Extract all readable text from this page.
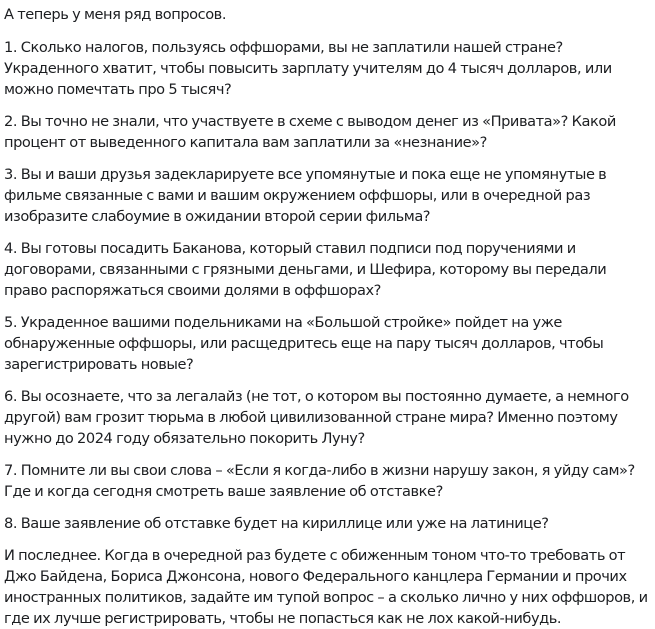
А теперь у меня ряд вопросов.

1. Сколько налогов, пользуясь оффшорами, вы не заплатили нашей стране? Украденного хватит, чтобы повысить зарплату учителям до 4 тысяч долларов, или можно помечтать про 5 тысяч?

2. Вы точно не знали, что участвуете в схеме с выводом денег из «Привата»? Какой процент от выведенного капитала вам заплатили за «незнание»?

3. Вы и ваши друзья задекларируете все упомянутые и пока еще не упомянутые в фильме связанные с вами и вашим окружением оффшоры, или в очередной раз изобразите слабоумие в ожидании второй серии фильма?

4. Вы готовы посадить Баканова, который ставил подписи под поручениями и договорами, связанными с грязными деньгами, и Шефира, которому вы передали право распоряжаться своими долями в оффшорах?

5. Украденное вашими подельниками на «Большой стройке» пойдет на уже обнаруженные оффшоры, или расщедритесь еще на пару тысяч долларов, чтобы зарегистрировать новые?

6. Вы осознаете, что за легалайз (не тот, о котором вы постоянно думаете, а немного другой) вам грозит тюрьма в любой цивилизованной стране мира? Именно поэтому нужно до 2024 году обязательно покорить Луну?

7. Помните ли вы свои слова – «Если я когда-либо в жизни нарушу закон, я уйду сам»? Где и когда сегодня смотреть ваше заявление об отставке?

8. Ваше заявление об отставке будет на кириллице или уже на латинице?

И последнее. Когда в очередной раз будете с обиженным тоном что-то требовать от Джо Байдена, Бориса Джонсона, нового Федерального канцлера Германии и прочих иностранных политиков, задайте им тупой вопрос – а сколько лично у них оффшоров, и где их лучше регистрировать, чтобы не попасться как не лох какой-нибудь.
